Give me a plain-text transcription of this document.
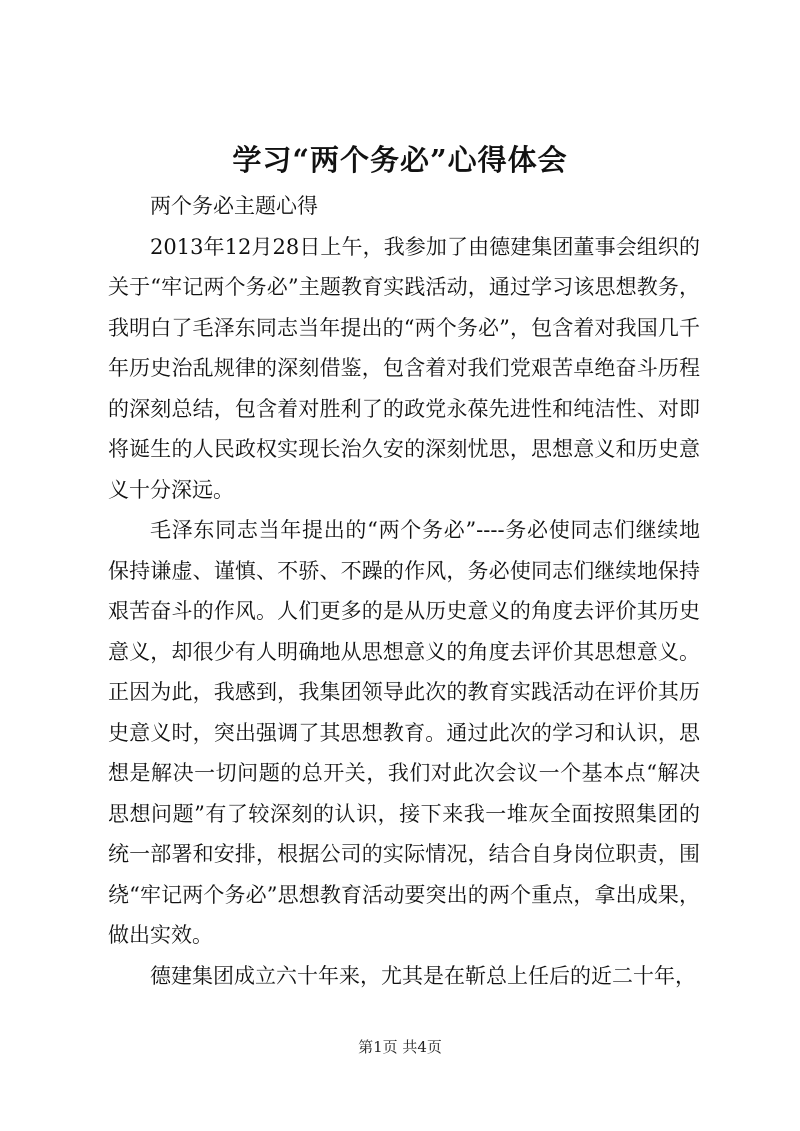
学习“两个务必”心得体会

两个务必主题心得

2013年12月28日上午，我参加了由德建集团董事会组织的关于“牢记两个务必”主题教育实践活动，通过学习该思想教务，我明白了毛泽东同志当年提出的“两个务必”，包含着对我国几千年历史治乱规律的深刻借鉴，包含着对我们党艰苦卓绝奋斗历程的深刻总结，包含着对胜利了的政党永葆先进性和纯洁性、对即将诞生的人民政权实现长治久安的深刻忧思，思想意义和历史意义十分深远。

毛泽东同志当年提出的“两个务必”----务必使同志们继续地保持谦虚、谨慎、不骄、不躁的作风，务必使同志们继续地保持艰苦奋斗的作风。人们更多的是从历史意义的角度去评价其历史意义，却很少有人明确地从思想意义的角度去评价其思想意义。正因为此，我感到，我集团领导此次的教育实践活动在评价其历史意义时，突出强调了其思想教育。通过此次的学习和认识，思想是解决一切问题的总开关，我们对此次会议一个基本点“解决思想问题”有了较深刻的认识，接下来我一堆灰全面按照集团的统一部署和安排，根据公司的实际情况，结合自身岗位职责，围绕“牢记两个务必”思想教育活动要突出的两个重点，拿出成果，做出实效。

德建集团成立六十年来，尤其是在靳总上任后的近二十年，

第1页 共4页
